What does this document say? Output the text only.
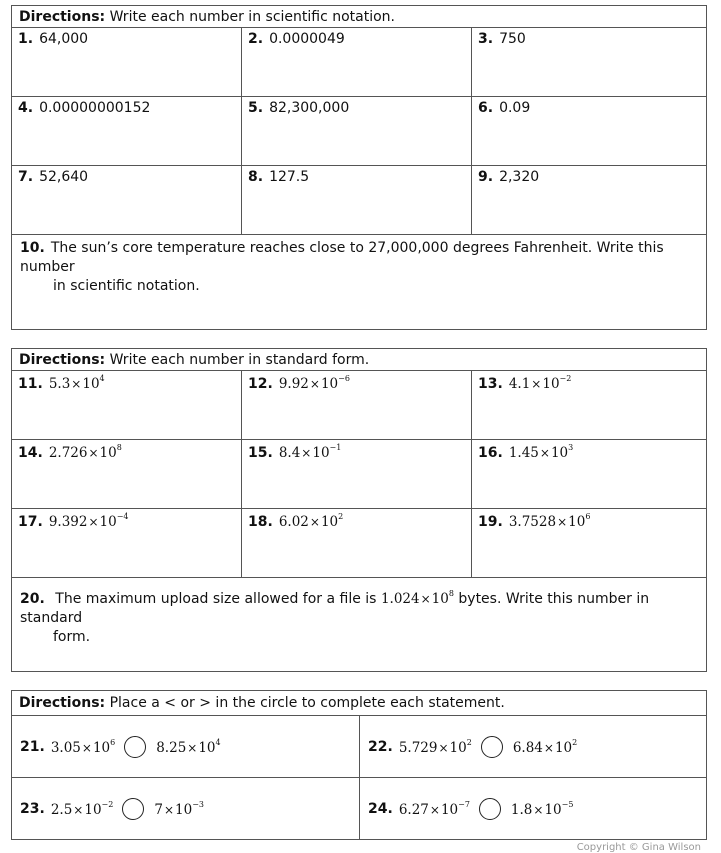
Directions: Write each number in scientific notation.
1. 64,000	2. 0.0000049	3. 750
4. 0.00000000152	5. 82,300,000	6. 0.09
7. 52,640	8. 127.5	9. 2,320
10. The sun’s core temperature reaches close to 27,000,000 degrees Fahrenheit. Write this number
in scientific notation.
Directions: Write each number in standard form.
11. $5.3\times 10^4$	12. $9.92\times 10^{-6}$	13. $4.1\times 10^{-2}$
14. $2.726\times 10^8$	15. $8.4\times 10^{-1}$	16. $1.45\times 10^3$
17. $9.392\times 10^{-4}$	18. $6.02\times 10^2$	19. $3.7528\times 10^6$
20. The maximum upload size allowed for a file is $1.024\times 10^8$ bytes. Write this number in standard
form.
Directions: Place a < or > in the circle to complete each statement.
21. $3.05\times 10^6$	$8.25\times 10^4$	22. $5.729\times 10^2$	$6.84\times 10^2$
23. $2.5\times 10^{-2}$	$7\times 10^{-3}$	24. $6.27\times 10^{-7}$	$1.8\times 10^{-5}$
Copyright © Gina Wilson
